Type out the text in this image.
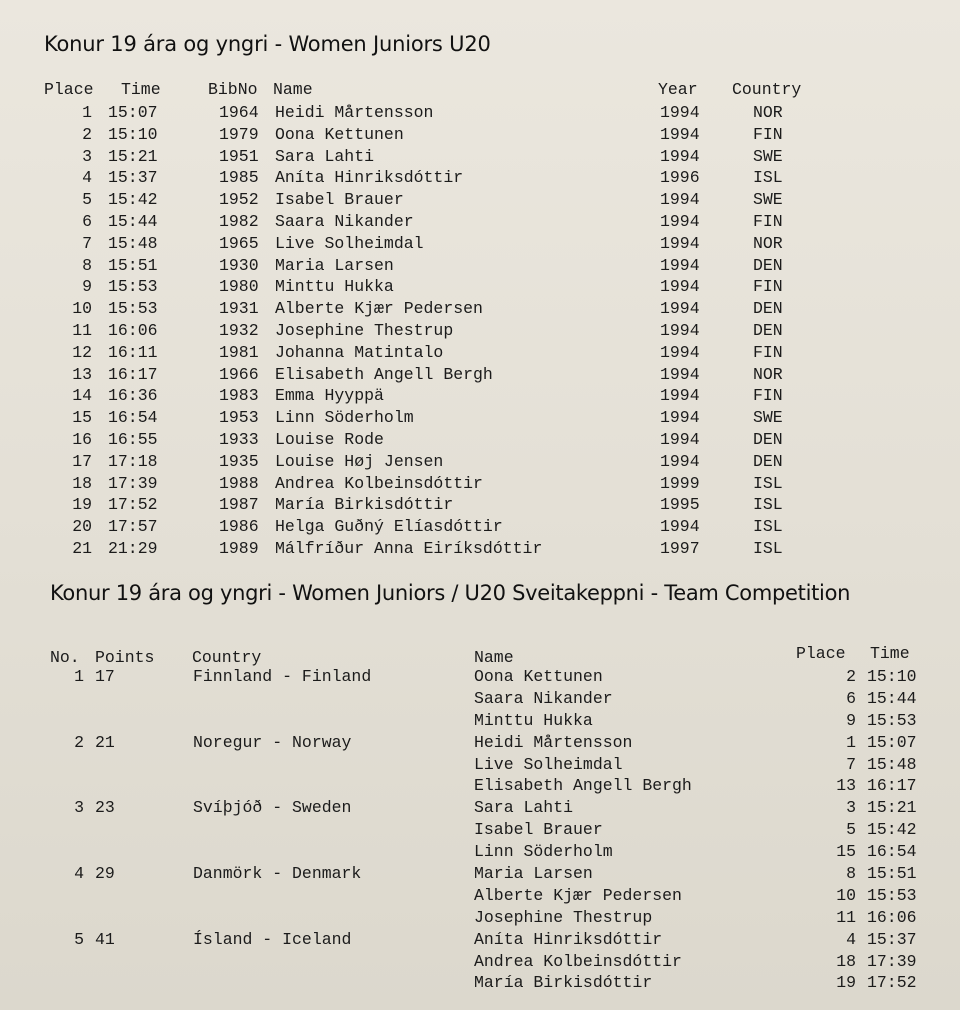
Konur 19 ára og yngri - Women Juniors U20
Place Time	BibNo Name	Year Country
1 15:07	1964 Heidi Mårtensson	1994	NOR
2 15:10	1979 Oona Kettunen	1994	FIN
3 15:21	1951 Sara Lahti	1994	SWE
4 15:37	1985 Aníta Hinriksdóttir	1996	ISL
5 15:42	1952 Isabel Brauer	1994	SWE
6 15:44	1982 Saara Nikander	1994	FIN
7 15:48	1965 Live Solheimdal	1994	NOR
8 15:51	1930 Maria Larsen	1994	DEN
9 15:53	1980 Minttu Hukka	1994	FIN
10 15:53	1931 Alberte Kjær Pedersen	1994	DEN
11 16:06	1932 Josephine Thestrup	1994	DEN
12 16:11	1981 Johanna Matintalo	1994	FIN
13 16:17	1966 Elisabeth Angell Bergh	1994	NOR
14 16:36	1983 Emma Hyyppä	1994	FIN
15 16:54	1953 Linn Söderholm	1994	SWE
16 16:55	1933 Louise Rode	1994	DEN
17 17:18	1935 Louise Høj Jensen	1994	DEN
18 17:39	1988 Andrea Kolbeinsdóttir	1999	ISL
19 17:52	1987 María Birkisdóttir	1995	ISL
20 17:57	1986 Helga Guðný Elíasdóttir	1994	ISL
21 21:29	1989 Málfríður Anna Eiríksdóttir	1997	ISL
Konur 19 ára og yngri - Women Juniors / U20 Sveitakeppni - Team Competition
No. Points Country	Name	Place Time
1 17	Finnland - Finland	Oona Kettunen	2 15:10
Saara Nikander	6 15:44
Minttu Hukka	9 15:53
2 21	Noregur - Norway	Heidi Mårtensson	1 15:07
Live Solheimdal	7 15:48
Elisabeth Angell Bergh	13 16:17
3 23	Svíþjóð - Sweden	Sara Lahti	3 15:21
Isabel Brauer	5 15:42
Linn Söderholm	15 16:54
4 29	Danmörk - Denmark	Maria Larsen	8 15:51
Alberte Kjær Pedersen	10 15:53
Josephine Thestrup	11 16:06
5 41	Ísland - Iceland	Aníta Hinriksdóttir	4 15:37
Andrea Kolbeinsdóttir	18 17:39
María Birkisdóttir	19 17:52
